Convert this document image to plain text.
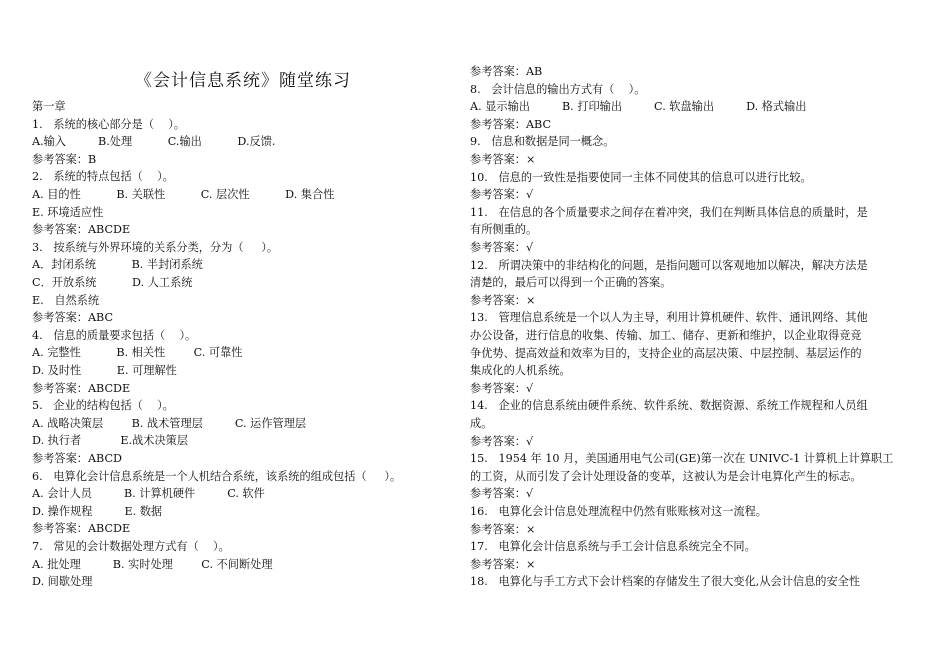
《会计信息系统》随堂练习
第一章
1.   系统的核心部分是（    ）。
A.输入         B.处理          C.输出          D.反馈.
参考答案：B
2.   系统的特点包括（    ）。
A. 目的性          B. 关联性          C. 层次性          D. 集合性
E. 环境适应性
参考答案：ABCDE
3.   按系统与外界环境的关系分类，分为（     ）。
A．封闭系统          B. 半封闭系统
C．开放系统          D. 人工系统
E.   自然系统
参考答案：ABC
4.   信息的质量要求包括（    ）。
A. 完整性          B. 相关性        C. 可靠性
D. 及时性          E. 可理解性
参考答案：ABCDE
5.   企业的结构包括（    ）。
A. 战略决策层        B. 战术管理层         C. 运作管理层
D. 执行者           E.战术决策层
参考答案：ABCD
6.   电算化会计信息系统是一个人机结合系统，该系统的组成包括（     ）。
A. 会计人员         B. 计算机硬件         C. 软件
D. 操作规程         E. 数据
参考答案：ABCDE
7.   常见的会计数据处理方式有（    ）。
A. 批处理         B. 实时处理        C. 不间断处理
D. 间歇处理
参考答案：AB
8.   会计信息的输出方式有（    ）。
A. 显示输出         B. 打印输出         C. 软盘输出         D. 格式输出
参考答案：ABC
9.   信息和数据是同一概念。
参考答案：×
10.   信息的一致性是指要使同一主体不同使其的信息可以进行比较。
参考答案：√
11.   在信息的各个质量要求之间存在着冲突，我们在判断具体信息的质量时，是
有所侧重的。
参考答案：√
12.   所谓决策中的非结构化的问题，是指问题可以客观地加以解决，解决方法是
清楚的，最后可以得到一个正确的答案。
参考答案：×
13.   管理信息系统是一个以人为主导，利用计算机硬件、软件、通讯网络、其他
办公设备，进行信息的收集、传输、加工、储存、更新和维护，以企业取得竞竞
争优势、提高效益和效率为目的，支持企业的高层决策、中层控制、基层运作的
集成化的人机系统。
参考答案：√
14.   企业的信息系统由硬件系统、软件系统、数据资源、系统工作规程和人员组
成。
参考答案：√
15.   1954 年 10 月，美国通用电气公司(GE)第一次在 UNIVC-1 计算机上计算职工
的工资，从而引发了会计处理设备的变革，这被认为是会计电算化产生的标志。
参考答案：√
16.   电算化会计信息处理流程中仍然有账账核对这一流程。
参考答案：×
17.   电算化会计信息系统与手工会计信息系统完全不同。
参考答案：×
18.   电算化与手工方式下会计档案的存储发生了很大变化,从会计信息的安全性
